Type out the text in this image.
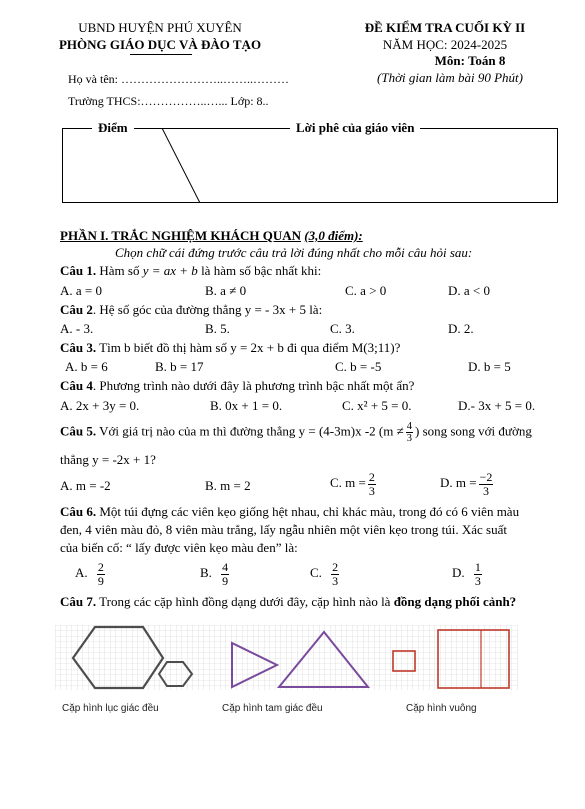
UBND HUYỆN PHÚ XUYÊN
PHÒNG GIÁO DỤC VÀ ĐÀO TẠO
ĐỀ KIỂM TRA CUỐI KỲ II
NĂM HỌC: 2024-2025
Môn: Toán 8
(Thời gian làm bài 90 Phút)
Họ và tên: ……………………..……..………
Trường THCS:……………..…... Lớp: 8..
Điểm	Lời phê của giáo viên
PHẦN I. TRẮC NGHIỆM KHÁCH QUAN (3,0 điểm):
Chọn chữ cái đứng trước câu trả lời đúng nhất cho mỗi câu hỏi sau:
Câu 1. Hàm số y = ax + b là hàm số bậc nhất khi:
A. a = 0	B. a ≠ 0	C. a > 0	D. a < 0
Câu 2. Hệ số góc của đường thẳng y = - 3x + 5 là:
A. - 3.	B. 5.	C. 3.	D. 2.
Câu 3. Tìm b biết đồ thị hàm số y = 2x + b đi qua điểm M(3;11)?
A. b = 6	B. b = 17	C. b = -5	D. b = 5
Câu 4. Phương trình nào dưới đây là phương trình bậc nhất một ẩn?
A. 2x + 3y = 0.	B. 0x + 1 = 0.	C. x² + 5 = 0.	D.- 3x + 5 = 0.
Câu 5. Với giá trị nào của m thì đường thẳng y = (4-3m)x -2 ($m \ne \frac{4}{3}$ ) song song với đường
thẳng y = -2x + 1?
A. m = -2	B. m = 2	C. $m = \frac{2}{3}$	D. $m = \frac{-2}{3}$
Câu 6. Một túi đựng các viên kẹo giống hệt nhau, chỉ khác màu, trong đó có 6 viên màu
đen, 4 viên màu đỏ, 8 viên màu trắng, lấy ngẫu nhiên một viên kẹo trong túi. Xác suất
của biến cố: “ lấy được viên kẹo màu đen” là:
A. $\frac{2}{9}$	B. $\frac{4}{9}$	C. $\frac{2}{3}$	D. $\frac{1}{3}$
Câu 7. Trong các cặp hình đồng dạng dưới đây, cặp hình nào là đồng dạng phối cảnh?
Cặp hình lục giác đều	Cặp hình tam giác đều	Cặp hình vuông
